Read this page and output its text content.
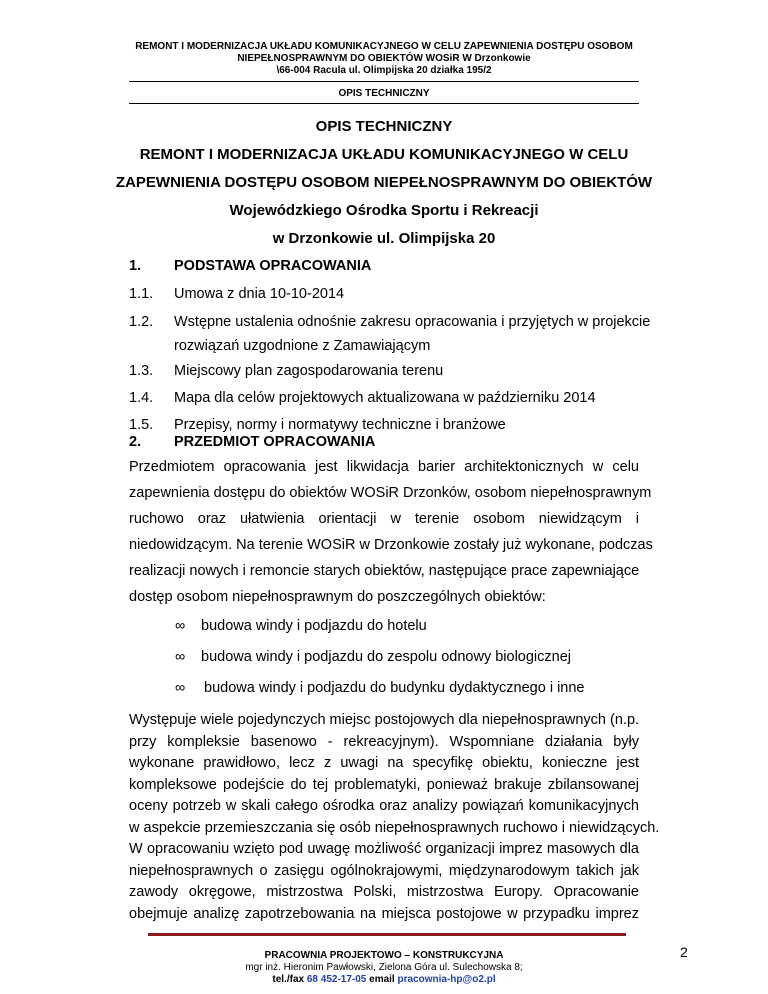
REMONT I MODERNIZACJA UKŁADU KOMUNIKACYJNEGO W CELU ZAPEWNIENIA DOSTĘPU OSOBOM
NIEPEŁNOSPRAWNYM DO OBIEKTÓW WOSiR W Drzonkowie
\66-004 Racula ul. Olimpijska 20 działka 195/2
OPIS TECHNICZNY
OPIS TECHNICZNY
REMONT I MODERNIZACJA UKŁADU KOMUNIKACYJNEGO W CELU
ZAPEWNIENIA DOSTĘPU OSOBOM NIEPEŁNOSPRAWNYM DO OBIEKTÓW
Wojewódzkiego Ośrodka Sportu i Rekreacji
w Drzonkowie ul. Olimpijska 20
1. PODSTAWA OPRACOWANIA
1.1. Umowa z dnia 10-10-2014
1.2. Wstępne ustalenia odnośnie zakresu opracowania i przyjętych w projekcie
rozwiązań uzgodnione z Zamawiającym
1.3. Miejscowy plan zagospodarowania terenu
1.4. Mapa dla celów projektowych aktualizowana w październiku 2014
1.5. Przepisy, normy i normatywy techniczne i branżowe
2. PRZEDMIOT OPRACOWANIA
Przedmiotem opracowania jest likwidacja barier architektonicznych w celu
zapewnienia dostępu do obiektów WOSiR Drzonków, osobom niepełnosprawnym
ruchowo oraz ułatwienia orientacji w terenie osobom niewidzącym i
niedowidzącym. Na terenie WOSiR w Drzonkowie zostały już wykonane, podczas
realizacji nowych i remoncie starych obiektów, następujące prace zapewniające
dostęp osobom niepełnosprawnym do poszczególnych obiektów:
∞ budowa windy i podjazdu do hotelu
∞ budowa windy i podjazdu do zespolu odnowy biologicznej
∞ budowa windy i podjazdu do budynku dydaktycznego i inne
Występuje wiele pojedynczych miejsc postojowych dla niepełnosprawnych (n.p.
przy kompleksie basenowo - rekreacyjnym). Wspomniane działania były
wykonane prawidłowo, lecz z uwagi na specyfikę obiektu, konieczne jest
kompleksowe podejście do tej problematyki, ponieważ brakuje zbilansowanej
oceny potrzeb w skali całego ośrodka oraz analizy powiązań komunikacyjnych
w aspekcie przemieszczania się osób niepełnosprawnych ruchowo i niewidzących.
W opracowaniu wzięto pod uwagę możliwość organizacji imprez masowych dla
niepełnosprawnych o zasięgu ogólnokrajowymi, międzynarodowym takich jak
zawody okręgowe, mistrzostwa Polski, mistrzostwa Europy. Opracowanie
obejmuje analizę zapotrzebowania na miejsca postojowe w przypadku imprez
PRACOWNIA PROJEKTOWO – KONSTRUKCYJNA
mgr inż. Hieronim Pawłowski, Zielona Góra ul. Sulechowska 8;
tel./fax 68 452-17-05 email pracownia-hp@o2.pl
2
